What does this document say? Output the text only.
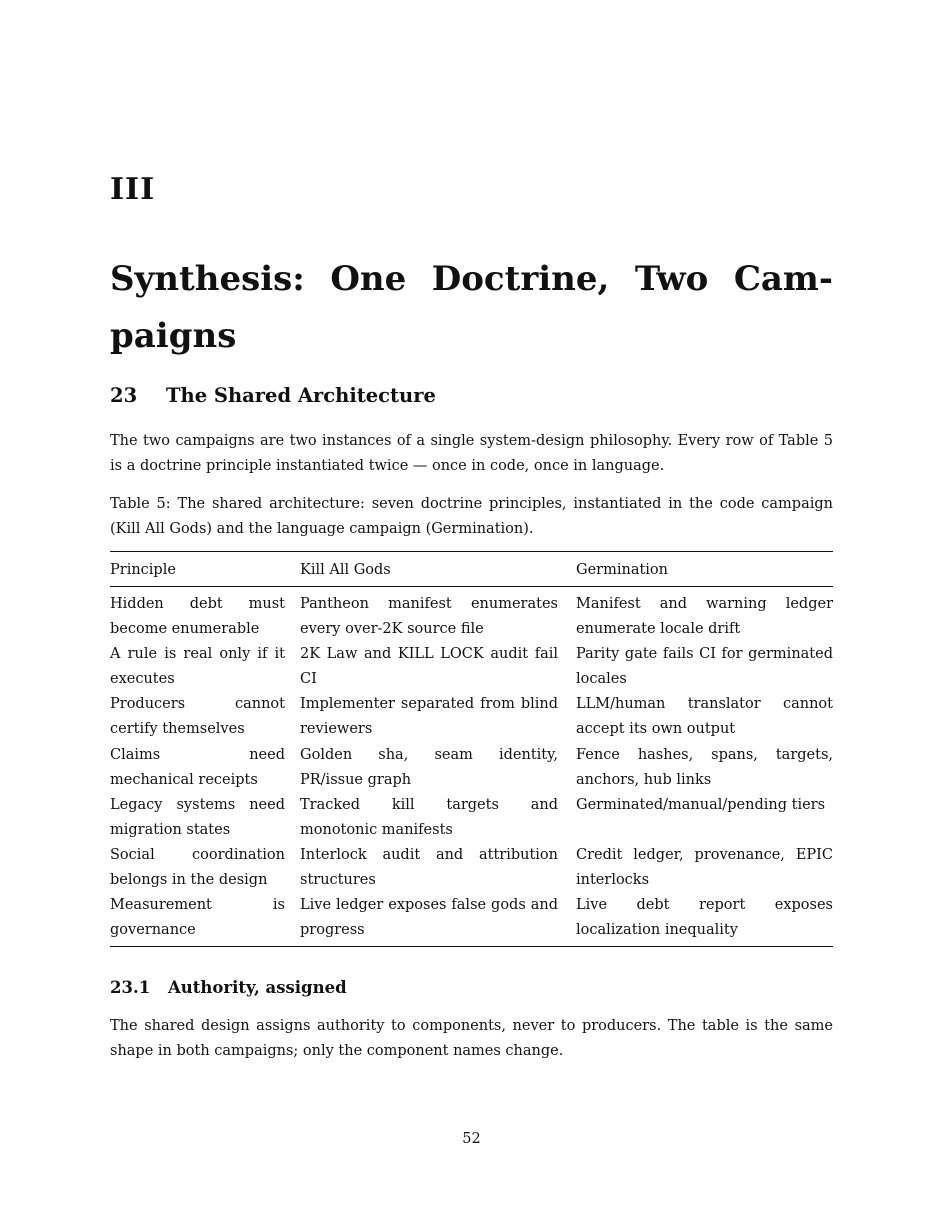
III
Synthesis: One Doctrine, Two Cam-paigns
23 The Shared Architecture

The two campaigns are two instances of a single system-design philosophy. Every row of Table 5 is a doctrine principle instantiated twice — once in code, once in language.

Table 5: The shared architecture: seven doctrine principles, instantiated in the code campaign (Kill All Gods) and the language campaign (Germination).

Principle	Kill All Gods	Germination

Hidden debt must become enumerable

Pantheon manifest enumerates every over-2K source file

Manifest and warning ledger enumerate locale drift

A rule is real only if it executes

2K Law and KILL LOCK audit fail CI

Parity gate fails CI for germinated locales

Producers cannot certify themselves

Implementer separated from blind reviewers

LLM/human translator cannot accept its own output

Claims need mechanical receipts

Golden sha, seam identity, PR/issue graph

Fence hashes, spans, targets, anchors, hub links

Legacy systems need migration states

Tracked kill targets and monotonic manifests

Germinated/manual/pending tiers

Social coordination belongs in the design

Interlock audit and attribution structures

Credit ledger, provenance, EPIC interlocks

Measurement is governance

Live ledger exposes false gods and progress

Live debt report exposes localization inequality

23.1 Authority, assigned

The shared design assigns authority to components, never to producers. The table is the same shape in both campaigns; only the component names change.

52
